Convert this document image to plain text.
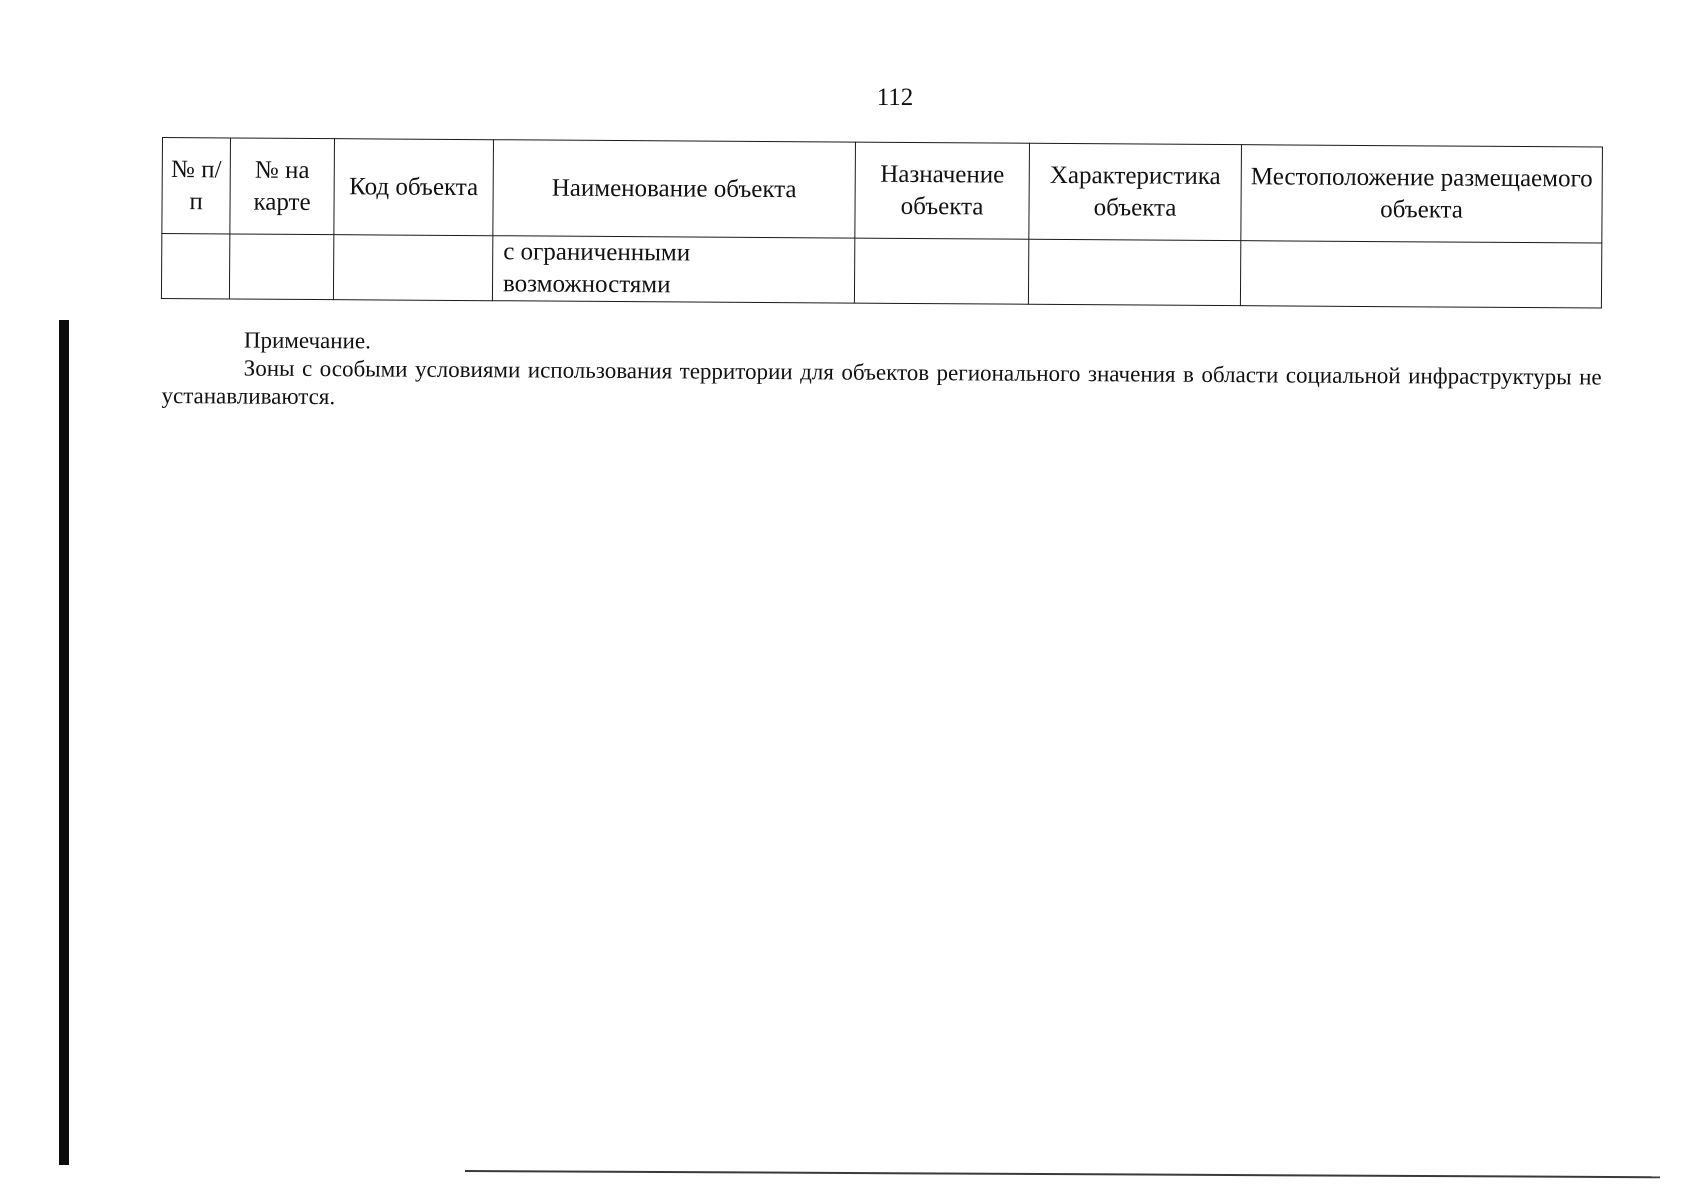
112
№ п/п	№ на карте	Код объекта	Наименование объекта	Назначение объекта	Характеристика объекта	Местоположение размещаемого объекта
			с ограниченными возможностями			
Примечание.
Зоны с особыми условиями использования территории для объектов регионального значения в области социальной инфраструктуры не устанавливаются.
